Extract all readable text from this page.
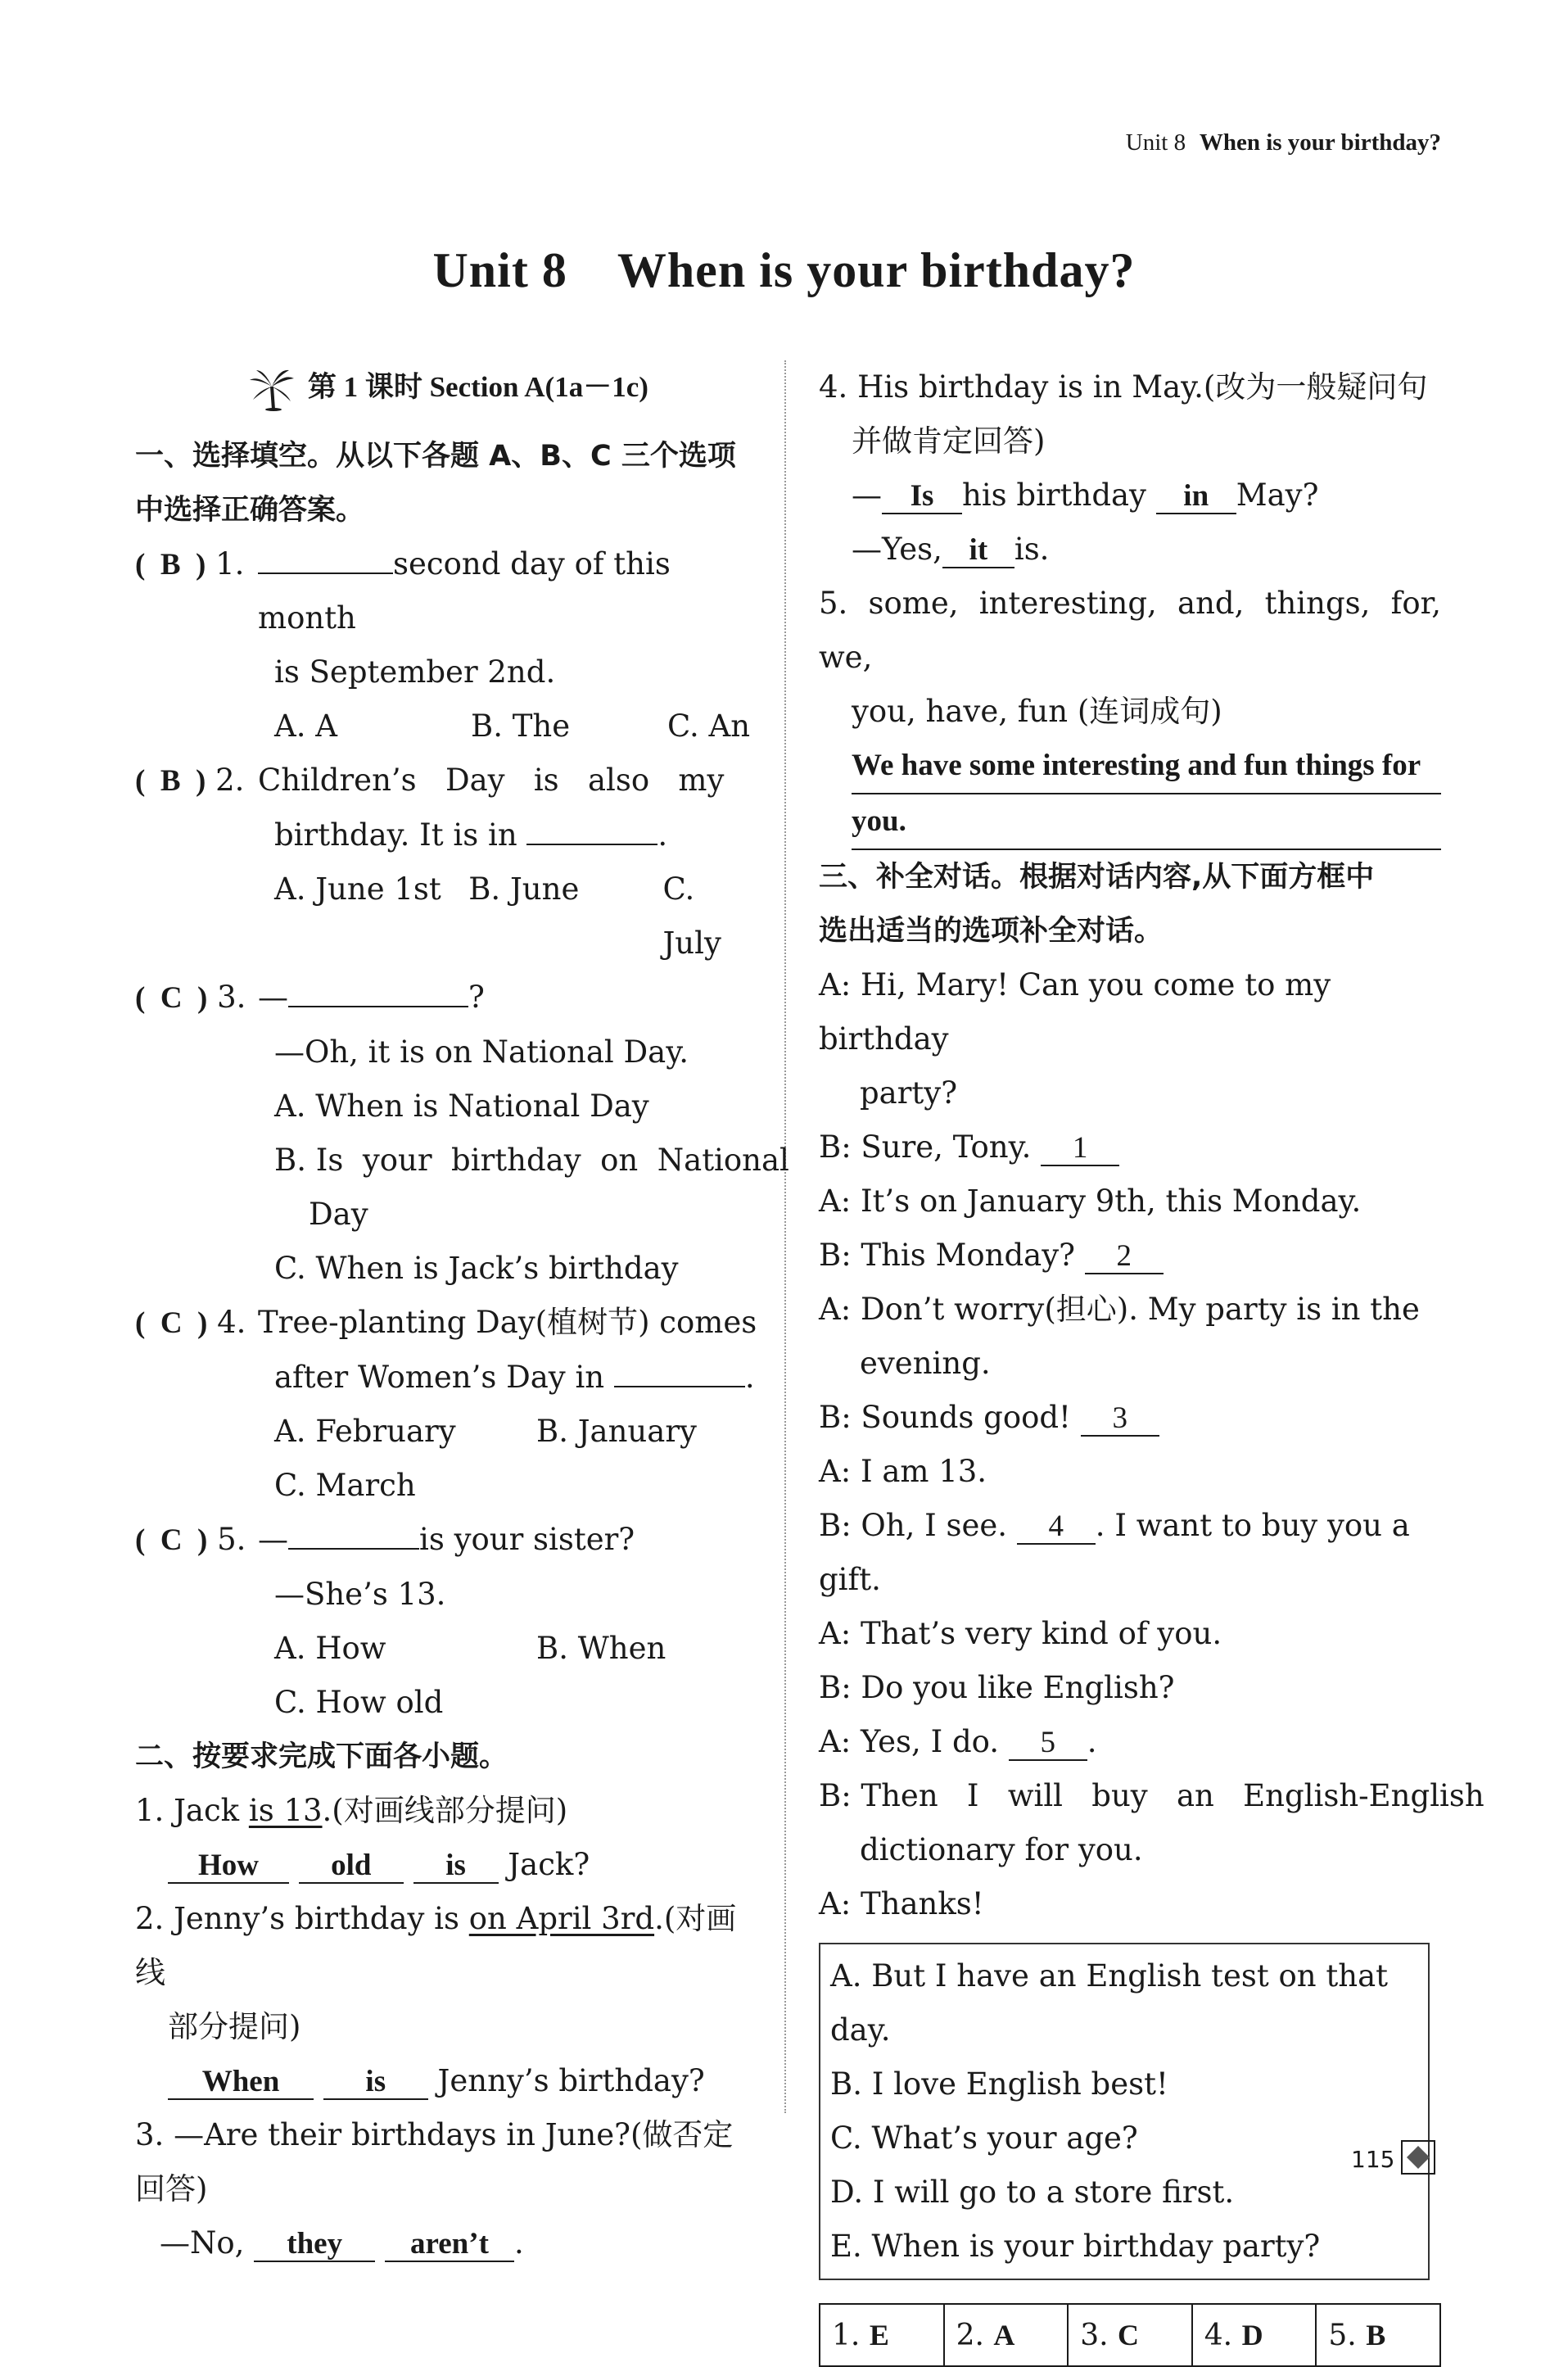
Unit 8 When is your birthday?
Unit 8　When is your birthday?
第 1 课时 Section A(1a－1c)
一、选择填空。从以下各题 A、B、C 三个选项
中选择正确答案。
(  B  ) 1.	second day of this month
is September 2nd.
A. A	B. The	C. An
(  B  ) 2. Children’s   Day   is   also   my
birthday. It is in	.
A. June 1st B. June	C. July
(  C  ) 3. —	?
—Oh, it is on National Day.
A. When is National Day
B. Is  your  birthday  on  National
Day
C. When is Jack’s birthday
(  C  ) 4. Tree-planting Day(植树节) comes
after Women’s Day in	.
A. February	B. January
C. March
(  C  ) 5. —	is your sister?
—She’s 13.
A. How	B. When
C. How old
二、按要求完成下面各小题。
1. Jack is 13.(对画线部分提问)
How old is Jack?
2. Jenny’s birthday is on April 3rd.(对画线
部分提问)
When	is Jenny’s birthday?
3. —Are their birthdays in June?(做否定回答)
—No, they aren’t .
4. His birthday is in May.(改为一般疑问句
并做肯定回答)
— Is his birthday in May?
—Yes, it is.
5. some, interesting, and, things, for, we,
you, have, fun (连词成句)
We have some interesting and fun things for
you.
三、补全对话。根据对话内容,从下面方框中
选出适当的选项补全对话。
A: Hi, Mary! Can you come to my birthday
party?
B: Sure, Tony. 1
A: It’s on January 9th, this Monday.
B: This Monday? 2
A: Don’t worry(担心). My party is in the
evening.
B: Sounds good! 3
A: I am 13.
B: Oh, I see. 4 . I want to buy you a gift.
A: That’s very kind of you.
B: Do you like English?
A: Yes, I do. 5 .
B: Then   I   will   buy   an   English-English
dictionary for you.
A: Thanks!
A. But I have an English test on that day.
B. I love English best!
C. What’s your age?
D. I will go to a store first.
E. When is your birthday party?
1. E	2. A	3. C	4. D	5. B
115
